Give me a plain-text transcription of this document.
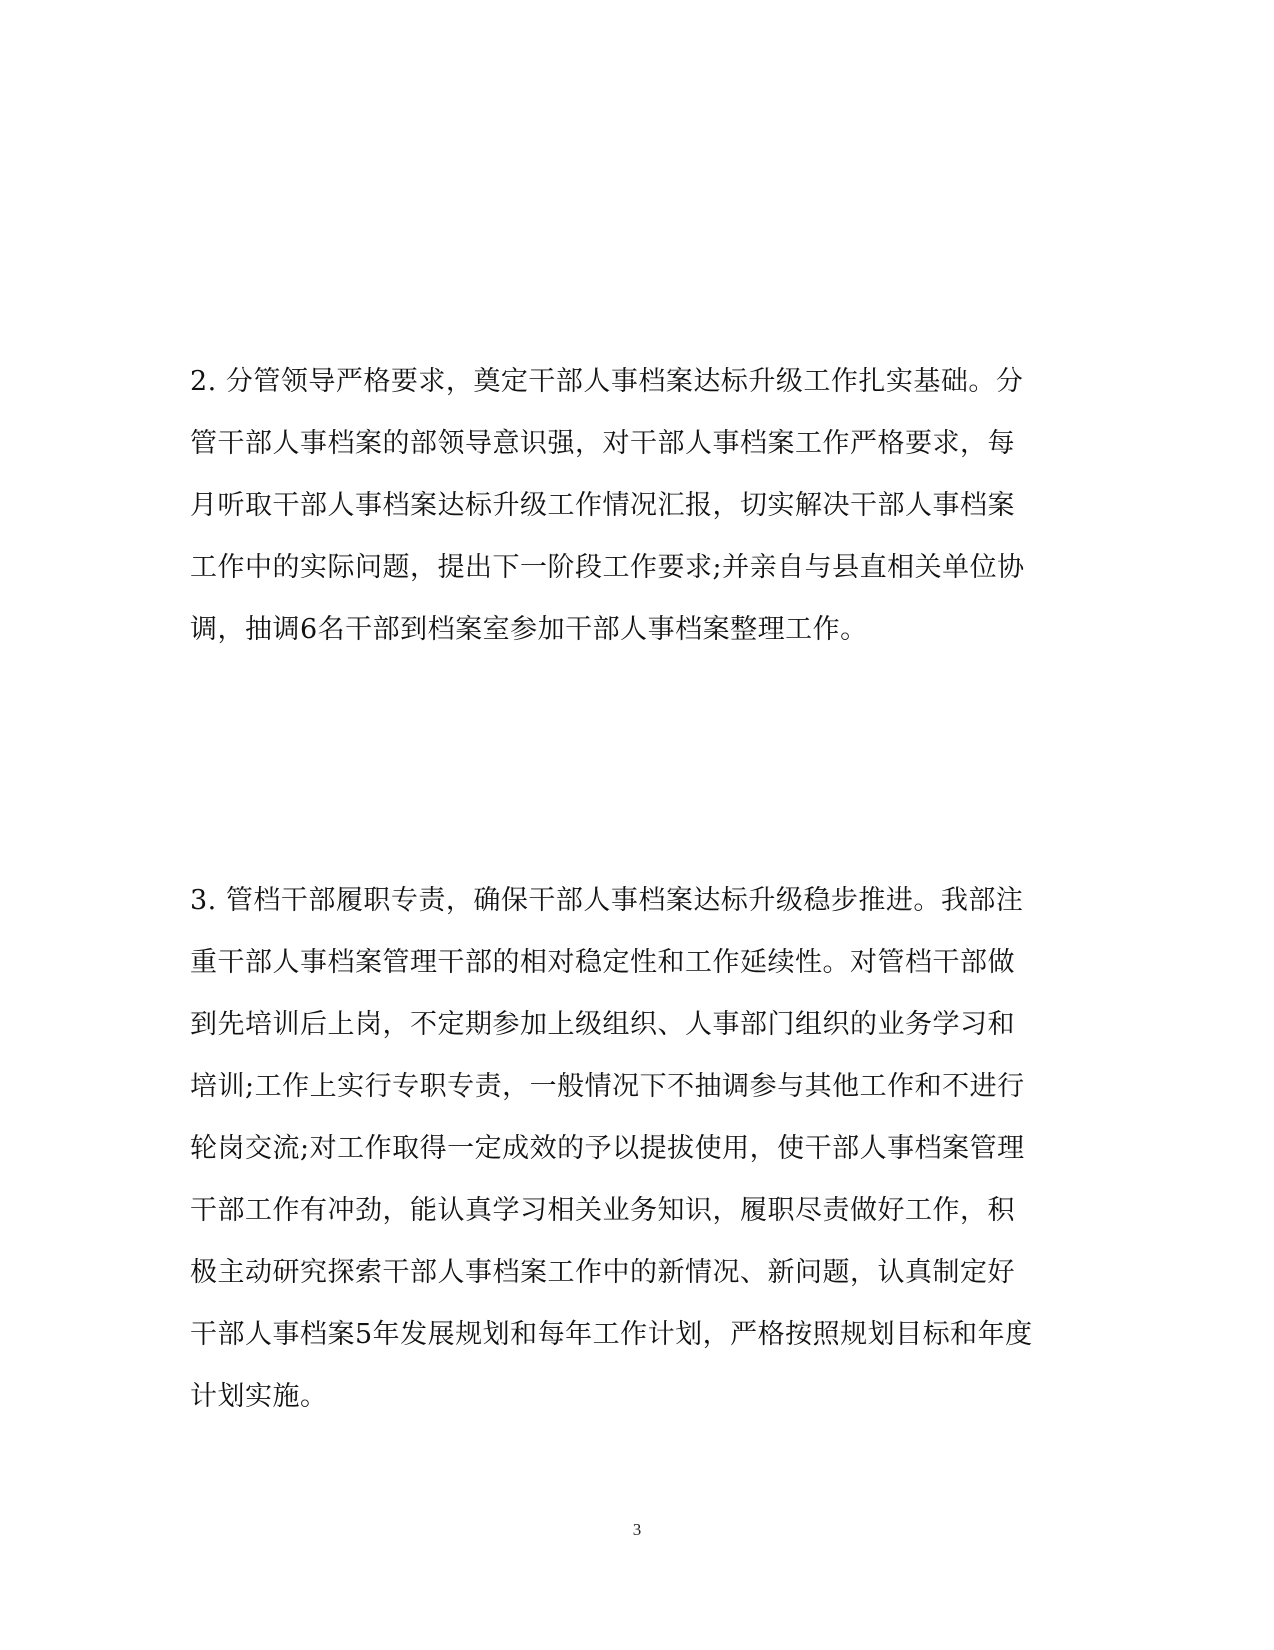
2. 分管领导严格要求，奠定干部人事档案达标升级工作扎实基础。分
管干部人事档案的部领导意识强，对干部人事档案工作严格要求，每
月听取干部人事档案达标升级工作情况汇报，切实解决干部人事档案
工作中的实际问题，提出下一阶段工作要求;并亲自与县直相关单位协
调，抽调6名干部到档案室参加干部人事档案整理工作。
3. 管档干部履职专责，确保干部人事档案达标升级稳步推进。我部注
重干部人事档案管理干部的相对稳定性和工作延续性。对管档干部做
到先培训后上岗，不定期参加上级组织、人事部门组织的业务学习和
培训;工作上实行专职专责，一般情况下不抽调参与其他工作和不进行
轮岗交流;对工作取得一定成效的予以提拔使用，使干部人事档案管理
干部工作有冲劲，能认真学习相关业务知识，履职尽责做好工作，积
极主动研究探索干部人事档案工作中的新情况、新问题，认真制定好
干部人事档案5年发展规划和每年工作计划，严格按照规划目标和年度
计划实施。
3
